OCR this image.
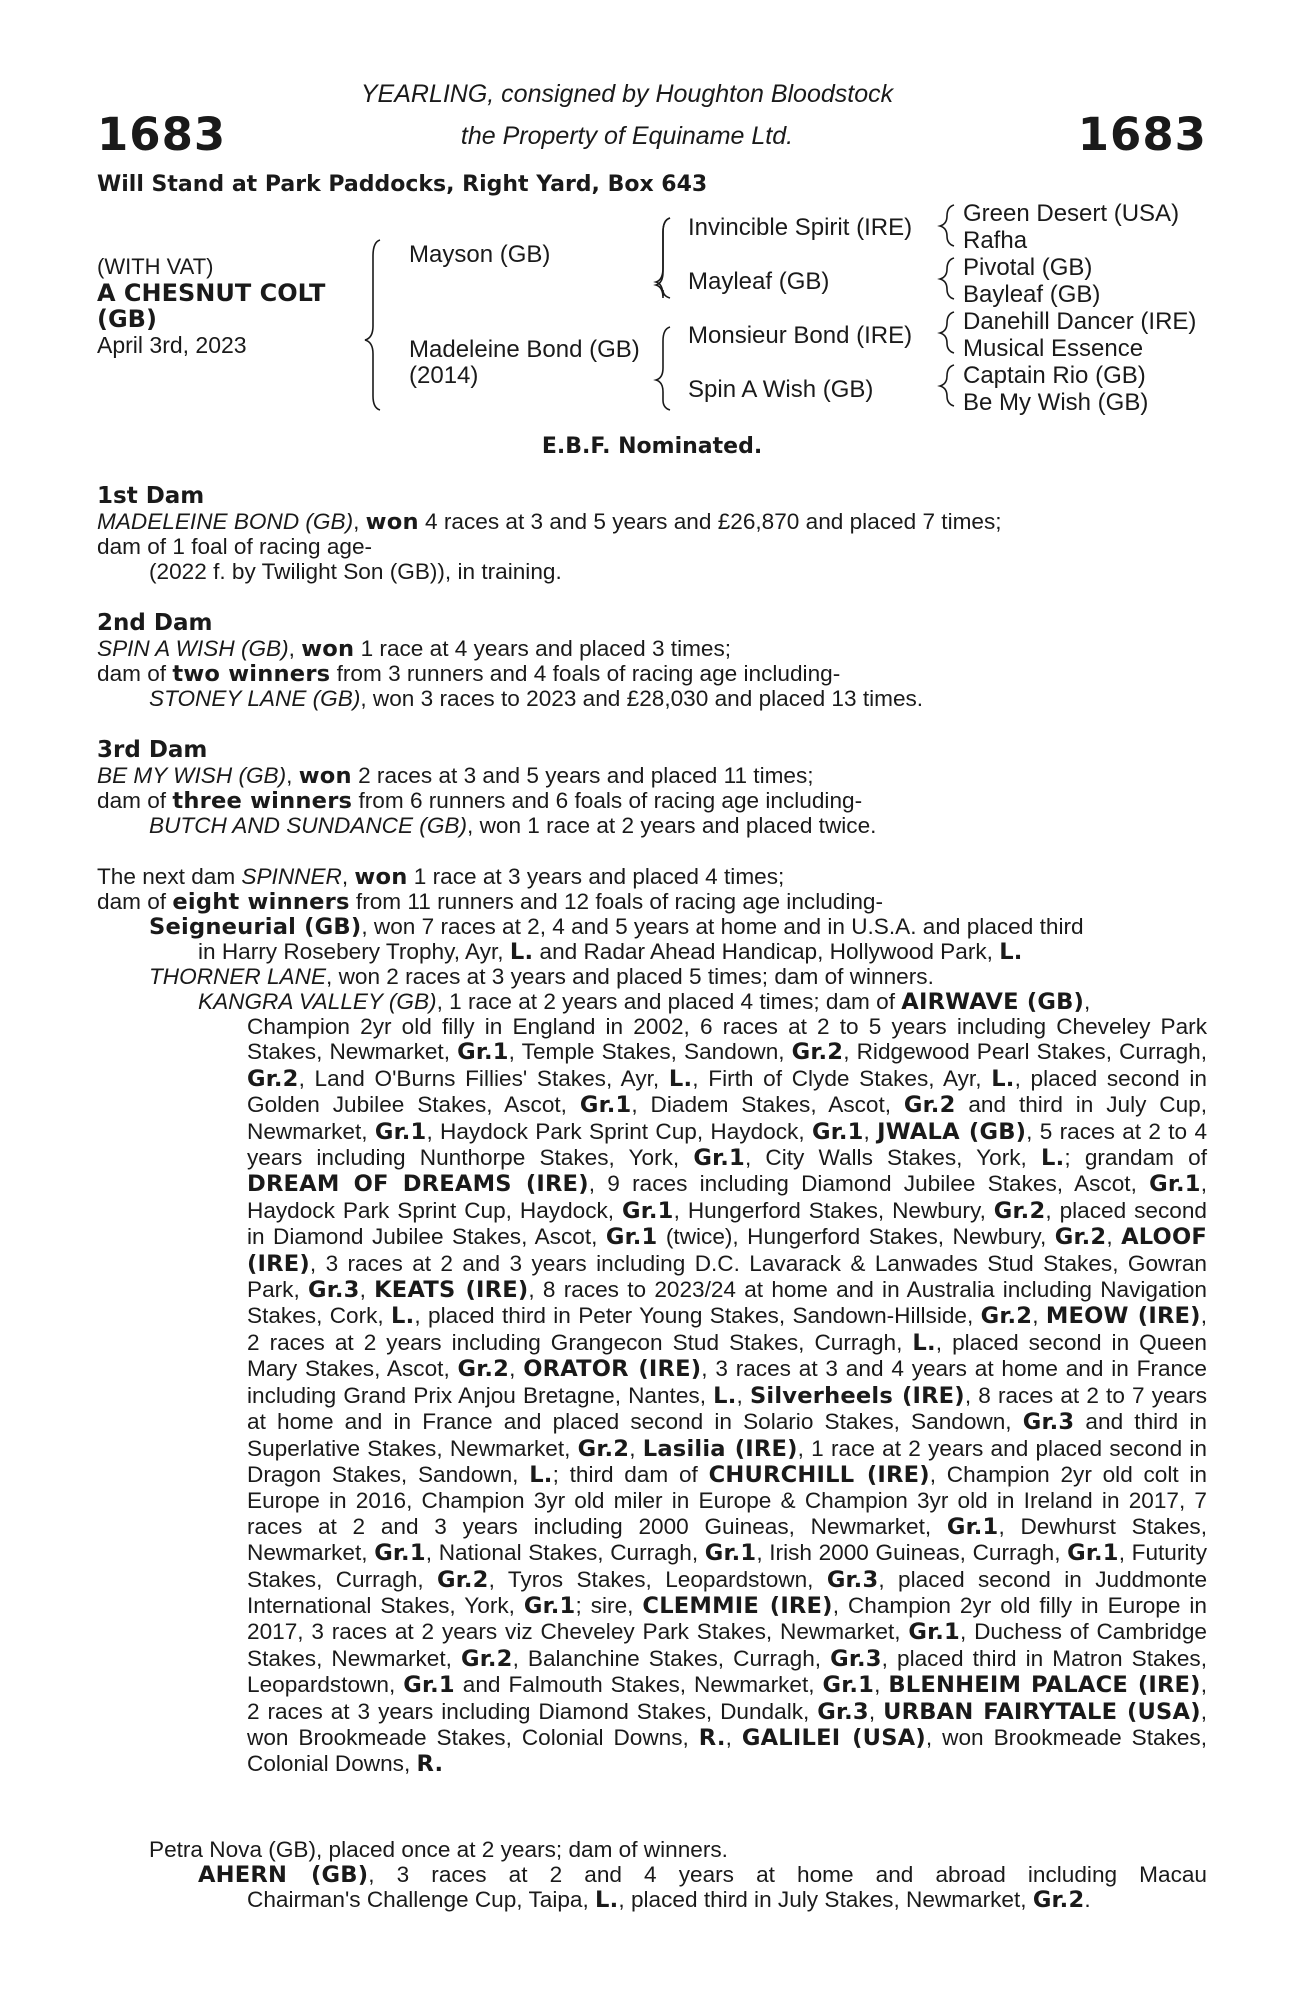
1683	1683
YEARLING, consigned by Houghton Bloodstock
the Property of Equiname Ltd.
Will Stand at Park Paddocks, Right Yard, Box 643
(WITH VAT)
A CHESNUT COLT
(GB)
April 3rd, 2023
Mayson (GB)
Madeleine Bond (GB)
(2014)
Invincible Spirit (IRE)
Mayleaf (GB)
Monsieur Bond (IRE)
Spin A Wish (GB)
Green Desert (USA)
Rafha
Pivotal (GB)
Bayleaf (GB)
Danehill Dancer (IRE)
Musical Essence
Captain Rio (GB)
Be My Wish (GB)
E.B.F. Nominated.
1st Dam
MADELEINE BOND (GB), won 4 races at 3 and 5 years and £26,870 and placed 7 times;
dam of 1 foal of racing age-
(2022 f. by Twilight Son (GB)), in training.
2nd Dam
SPIN A WISH (GB), won 1 race at 4 years and placed 3 times;
dam of two winners from 3 runners and 4 foals of racing age including-
STONEY LANE (GB), won 3 races to 2023 and £28,030 and placed 13 times.
3rd Dam
BE MY WISH (GB), won 2 races at 3 and 5 years and placed 11 times;
dam of three winners from 6 runners and 6 foals of racing age including-
BUTCH AND SUNDANCE (GB), won 1 race at 2 years and placed twice.
The next dam SPINNER, won 1 race at 3 years and placed 4 times;
dam of eight winners from 11 runners and 12 foals of racing age including-
Seigneurial (GB), won 7 races at 2, 4 and 5 years at home and in U.S.A. and placed third
in Harry Rosebery Trophy, Ayr, L. and Radar Ahead Handicap, Hollywood Park, L.
THORNER LANE, won 2 races at 3 years and placed 5 times; dam of winners.
KANGRA VALLEY (GB), 1 race at 2 years and placed 4 times; dam of AIRWAVE (GB),
Champion 2yr old filly in England in 2002, 6 races at 2 to 5 years including Cheveley Park Stakes, Newmarket, Gr.1, Temple Stakes, Sandown, Gr.2, Ridgewood Pearl Stakes, Curragh, Gr.2, Land O'Burns Fillies' Stakes, Ayr, L., Firth of Clyde Stakes, Ayr, L., placed second in Golden Jubilee Stakes, Ascot, Gr.1, Diadem Stakes, Ascot, Gr.2 and third in July Cup, Newmarket, Gr.1, Haydock Park Sprint Cup, Haydock, Gr.1, JWALA (GB), 5 races at 2 to 4 years including Nunthorpe Stakes, York, Gr.1, City Walls Stakes, York, L.; grandam of DREAM OF DREAMS (IRE), 9 races including Diamond Jubilee Stakes, Ascot, Gr.1, Haydock Park Sprint Cup, Haydock, Gr.1, Hungerford Stakes, Newbury, Gr.2, placed second in Diamond Jubilee Stakes, Ascot, Gr.1 (twice), Hungerford Stakes, Newbury, Gr.2, ALOOF (IRE), 3 races at 2 and 3 years including D.C. Lavarack & Lanwades Stud Stakes, Gowran Park, Gr.3, KEATS (IRE), 8 races to 2023/24 at home and in Australia including Navigation Stakes, Cork, L., placed third in Peter Young Stakes, Sandown-Hillside, Gr.2, MEOW (IRE), 2 races at 2 years including Grangecon Stud Stakes, Curragh, L., placed second in Queen Mary Stakes, Ascot, Gr.2, ORATOR (IRE), 3 races at 3 and 4 years at home and in France including Grand Prix Anjou Bretagne, Nantes, L., Silverheels (IRE), 8 races at 2 to 7 years at home and in France and placed second in Solario Stakes, Sandown, Gr.3 and third in Superlative Stakes, Newmarket, Gr.2, Lasilia (IRE), 1 race at 2 years and placed second in Dragon Stakes, Sandown, L.; third dam of CHURCHILL (IRE), Champion 2yr old colt in Europe in 2016, Champion 3yr old miler in Europe & Champion 3yr old in Ireland in 2017, 7 races at 2 and 3 years including 2000 Guineas, Newmarket, Gr.1, Dewhurst Stakes, Newmarket, Gr.1, National Stakes, Curragh, Gr.1, Irish 2000 Guineas, Curragh, Gr.1, Futurity Stakes, Curragh, Gr.2, Tyros Stakes, Leopardstown, Gr.3, placed second in Juddmonte International Stakes, York, Gr.1; sire, CLEMMIE (IRE), Champion 2yr old filly in Europe in 2017, 3 races at 2 years viz Cheveley Park Stakes, Newmarket, Gr.1, Duchess of Cambridge Stakes, Newmarket, Gr.2, Balanchine Stakes, Curragh, Gr.3, placed third in Matron Stakes, Leopardstown, Gr.1 and Falmouth Stakes, Newmarket, Gr.1, BLENHEIM PALACE (IRE), 2 races at 3 years including Diamond Stakes, Dundalk, Gr.3, URBAN FAIRYTALE (USA), won Brookmeade Stakes, Colonial Downs, R., GALILEI (USA), won Brookmeade Stakes, Colonial Downs, R.
Petra Nova (GB), placed once at 2 years; dam of winners.
AHERN (GB), 3 races at 2 and 4 years at home and abroad including Macau
Chairman's Challenge Cup, Taipa, L., placed third in July Stakes, Newmarket, Gr.2.
